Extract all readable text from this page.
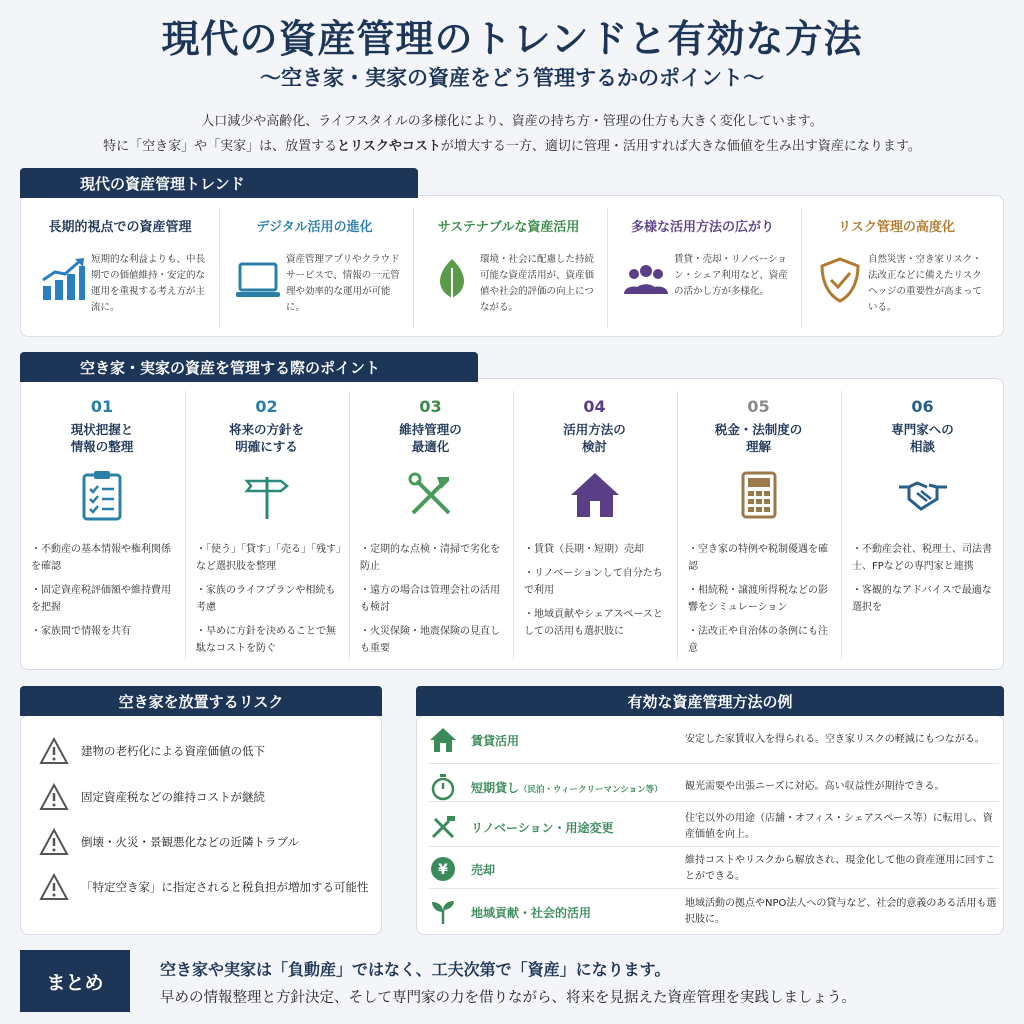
現代の資産管理のトレンドと有効な方法
〜空き家・実家の資産をどう管理するかのポイント〜
人口減少や高齢化、ライフスタイルの多様化により、資産の持ち方・管理の仕方も大きく変化しています。
特に「空き家」や「実家」は、放置するとリスクやコストが増大する一方、適切に管理・活用すれば大きな価値を生み出す資産になります。
長期的視点での資産管理
短期的な利益よりも、中長期での価値維持・安定的な運用を重視する考え方が主流に。
デジタル活用の進化
資産管理アプリやクラウドサービスで、情報の一元管理や効率的な運用が可能に。
サステナブルな資産活用
環境・社会に配慮した持続可能な資産活用が、資産価値や社会的評価の向上につながる。
多様な活用方法の広がり
賃貸・売却・リノベーション・シェア利用など、資産の活かし方が多様化。
リスク管理の高度化
自然災害・空き家リスク・法改正などに備えたリスクヘッジの重要性が高まっている。
現代の資産管理トレンド
01
現状把握と
情報の整理
・不動産の基本情報や権利関係を確認
・固定資産税評価額や維持費用を把握
・家族間で情報を共有
02
将来の方針を
明確にする
・「使う」「貸す」「売る」「残す」など選択肢を整理
・家族のライフプランや相続も考慮
・早めに方針を決めることで無駄なコストを防ぐ
03
維持管理の
最適化
・定期的な点検・清掃で劣化を防止
・遠方の場合は管理会社の活用も検討
・火災保険・地震保険の見直しも重要
04
活用方法の
検討
・賃貸（長期・短期）売却
・リノベーションして自分たちで利用
・地域貢献やシェアスペースとしての活用も選択肢に
05
税金・法制度の
理解
・空き家の特例や税制優遇を確認
・相続税・譲渡所得税などの影響をシミュレーション
・法改正や自治体の条例にも注意
06
専門家への
相談
・不動産会社、税理士、司法書士、FPなどの専門家と連携
・客観的なアドバイスで最適な選択を
空き家・実家の資産を管理する際のポイント
建物の老朽化による資産価値の低下
固定資産税などの維持コストが継続
倒壊・火災・景観悪化などの近隣トラブル
「特定空き家」に指定されると税負担が増加する可能性
空き家を放置するリスク
賃貸活用	安定した家賃収入を得られる。空き家リスクの軽減にもつながる。
短期貸し（民泊・ウィークリーマンション等）	観光需要や出張ニーズに対応。高い収益性が期待できる。
リノベーション・用途変更
住宅以外の用途（店舗・オフィス・シェアスペース等）に転用し、資産価値を向上。
¥ 売却
維持コストやリスクから解放され、現金化して他の資産運用に回すことができる。
地域貢献・社会的活用
地域活動の拠点やNPO法人への貸与など、社会的意義のある活用も選択肢に。
有効な資産管理方法の例
まとめ
空き家や実家は「負動産」ではなく、工夫次第で「資産」になります。
早めの情報整理と方針決定、そして専門家の力を借りながら、将来を見据えた資産管理を実践しましょう。
